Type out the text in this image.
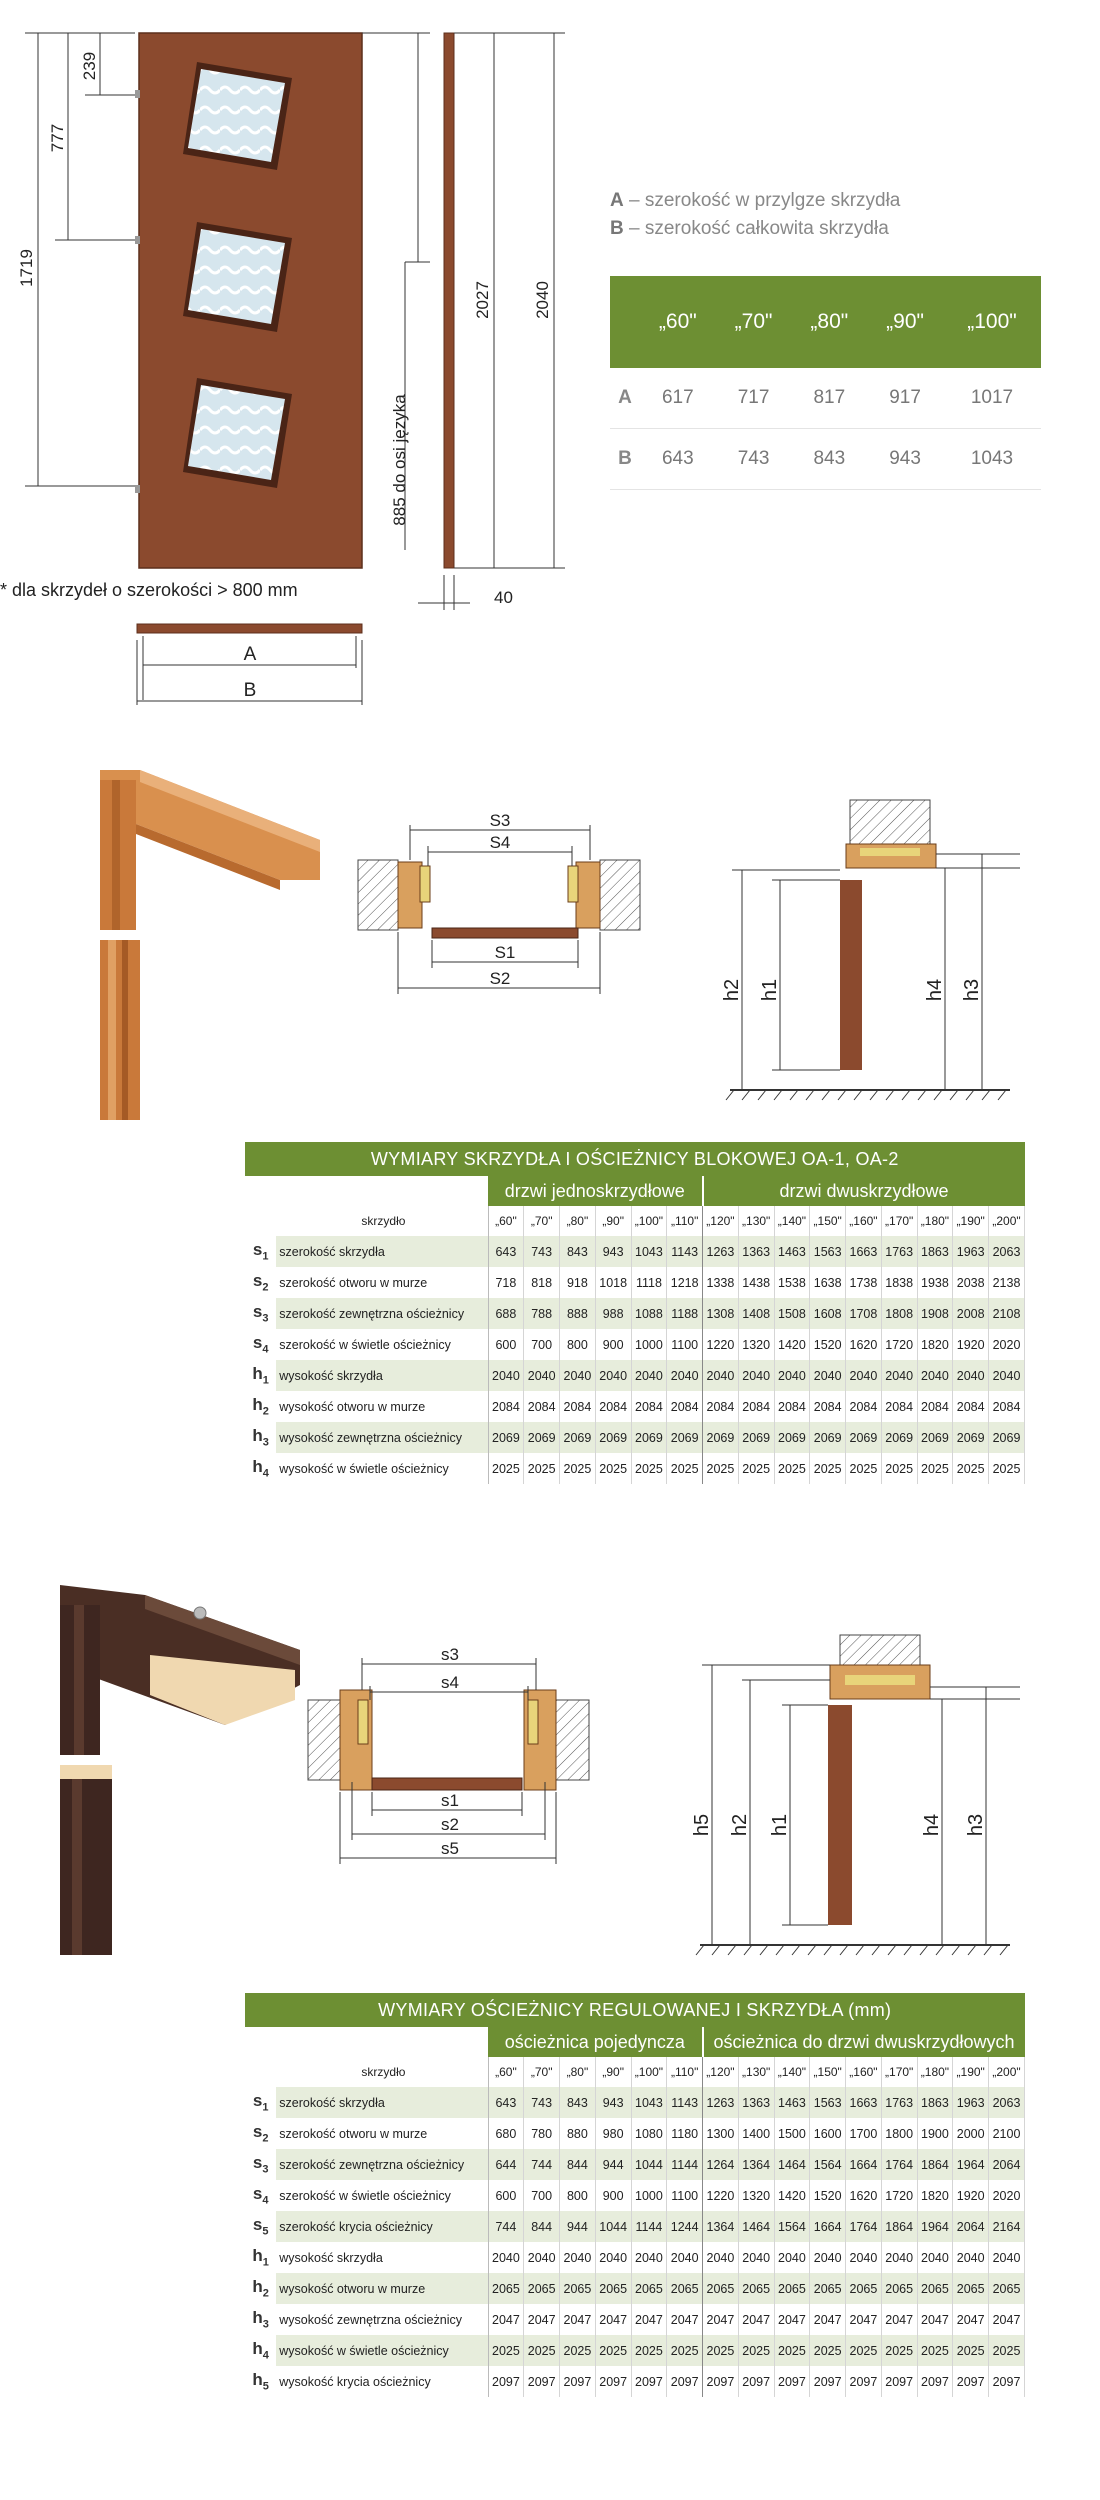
239
777
1719
885 do osi języka
2027 2040
40
* dla skrzydeł o szerokości > 800 mm
A
B
A – szerokość w przylgze skrzydła
B – szerokość całkowita skrzydła
	„60"	„70"	„80"	„90"	„100"
A	617	717	817	917	1017
B	643	743	843	943	1043
S3
S4
S1
S2
h2 h1	h4 h3
WYMIARY SKRZYDŁA I OŚCIEŻNICY BLOKOWEJ OA-1, OA-2																
		drzwi jednoskrzydłowe						drzwi dwuskrzydłowe								
	skrzydło	„60"	„70"	„80"	„90"	„100"	„110"	„120"	„130"	„140"	„150"	„160"	„170"	„180"	„190"	„200"
$s_1$	szerokość skrzydła	643	743	843	943	1043	1143	1263	1363	1463	1563	1663	1763	1863	1963	2063
$s_2$	szerokość otworu w murze	718	818	918	1018	1118	1218	1338	1438	1538	1638	1738	1838	1938	2038	2138
$s_3$	szerokość zewnętrzna ościeżnicy	688	788	888	988	1088	1188	1308	1408	1508	1608	1708	1808	1908	2008	2108
$s_4$	szerokość w świetle ościeżnicy	600	700	800	900	1000	1100	1220	1320	1420	1520	1620	1720	1820	1920	2020
$h_1$	wysokość skrzydła	2040	2040	2040	2040	2040	2040	2040	2040	2040	2040	2040	2040	2040	2040	2040
$h_2$	wysokość otworu w murze	2084	2084	2084	2084	2084	2084	2084	2084	2084	2084	2084	2084	2084	2084	2084
$h_3$	wysokość zewnętrzna ościeżnicy	2069	2069	2069	2069	2069	2069	2069	2069	2069	2069	2069	2069	2069	2069	2069
$h_4$	wysokość w świetle ościeżnicy	2025	2025	2025	2025	2025	2025	2025	2025	2025	2025	2025	2025	2025	2025	2025
s3
s4
s1
s2
s5
h5 h2 h1	h4 h3
WYMIARY OŚCIEŻNICY REGULOWANEJ I SKRZYDŁA (mm)																
		ościeżnica pojedyncza						ościeżnica do drzwi dwuskrzydłowych								
	skrzydło	„60"	„70"	„80"	„90"	„100"	„110"	„120"	„130"	„140"	„150"	„160"	„170"	„180"	„190"	„200"
$s_1$	szerokość skrzydła	643	743	843	943	1043	1143	1263	1363	1463	1563	1663	1763	1863	1963	2063
$s_2$	szerokość otworu w murze	680	780	880	980	1080	1180	1300	1400	1500	1600	1700	1800	1900	2000	2100
$s_3$	szerokość zewnętrzna ościeżnicy	644	744	844	944	1044	1144	1264	1364	1464	1564	1664	1764	1864	1964	2064
$s_4$	szerokość w świetle ościeżnicy	600	700	800	900	1000	1100	1220	1320	1420	1520	1620	1720	1820	1920	2020
$s_5$	szerokość krycia ościeżnicy	744	844	944	1044	1144	1244	1364	1464	1564	1664	1764	1864	1964	2064	2164
$h_1$	wysokość skrzydła	2040	2040	2040	2040	2040	2040	2040	2040	2040	2040	2040	2040	2040	2040	2040
$h_2$	wysokość otworu w murze	2065	2065	2065	2065	2065	2065	2065	2065	2065	2065	2065	2065	2065	2065	2065
$h_3$	wysokość zewnętrzna ościeżnicy	2047	2047	2047	2047	2047	2047	2047	2047	2047	2047	2047	2047	2047	2047	2047
$h_4$	wysokość w świetle ościeżnicy	2025	2025	2025	2025	2025	2025	2025	2025	2025	2025	2025	2025	2025	2025	2025
$h_5$	wysokość krycia ościeżnicy	2097	2097	2097	2097	2097	2097	2097	2097	2097	2097	2097	2097	2097	2097	2097
